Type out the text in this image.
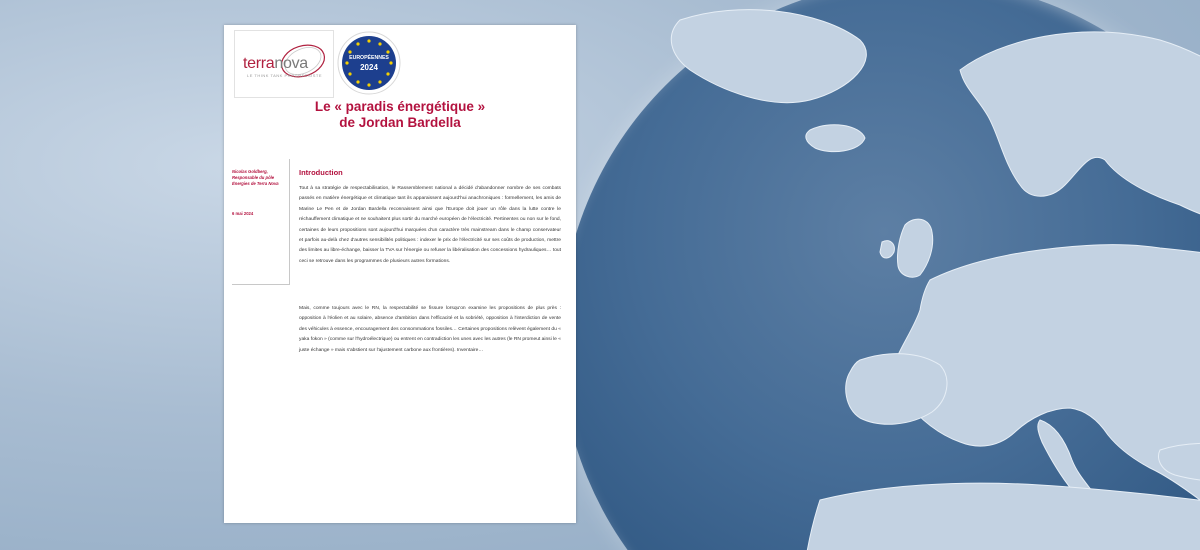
terranova
LE THINK TANK PROGRESSISTE
EUROPÉENNES
2024
Le « paradis énergétique »
de Jordan Bardella
Nicolas Goldberg, Responsable du pôle Énergies de Terra Nova
6 mai 2024
Introduction
Tout à sa stratégie de respectabilisation, le Rassemblement national a décidé d'abandonner nombre de ses combats passés en matière énergétique et climatique tant ils apparaissent aujourd'hui anachroniques : formellement, les amis de Marine Le Pen et de Jordan Bardella reconnaissent ainsi que l'Europe doit jouer un rôle dans la lutte contre le réchauffement climatique et ne souhaitent plus sortir du marché européen de l'électricité. Pertinentes ou non sur le fond, certaines de leurs propositions sont aujourd'hui marquées d'un caractère très mainstream dans le champ conservateur et parfois au-delà chez d'autres sensibilités politiques : indexer le prix de l'électricité sur ses coûts de production, mettre des limites au libre-échange, baisser la TVA sur l'énergie ou refuser la libéralisation des concessions hydrauliques… tout ceci se retrouve dans les programmes de plusieurs autres formations.
Mais, comme toujours avec le RN, la respectabilité se fissure lorsqu'on examine les propositions de plus près : opposition à l'éolien et au solaire, absence d'ambition dans l'efficacité et la sobriété, opposition à l'interdiction de vente des véhicules à essence, encouragement des consommations fossiles… Certaines propositions relèvent également du « yaka fokon » (comme sur l'hydroélectrique) ou entrent en contradiction les unes avec les autres (le RN promeut ainsi le « juste échange » mais s'abstient sur l'ajustement carbone aux frontières). Inventaire…
